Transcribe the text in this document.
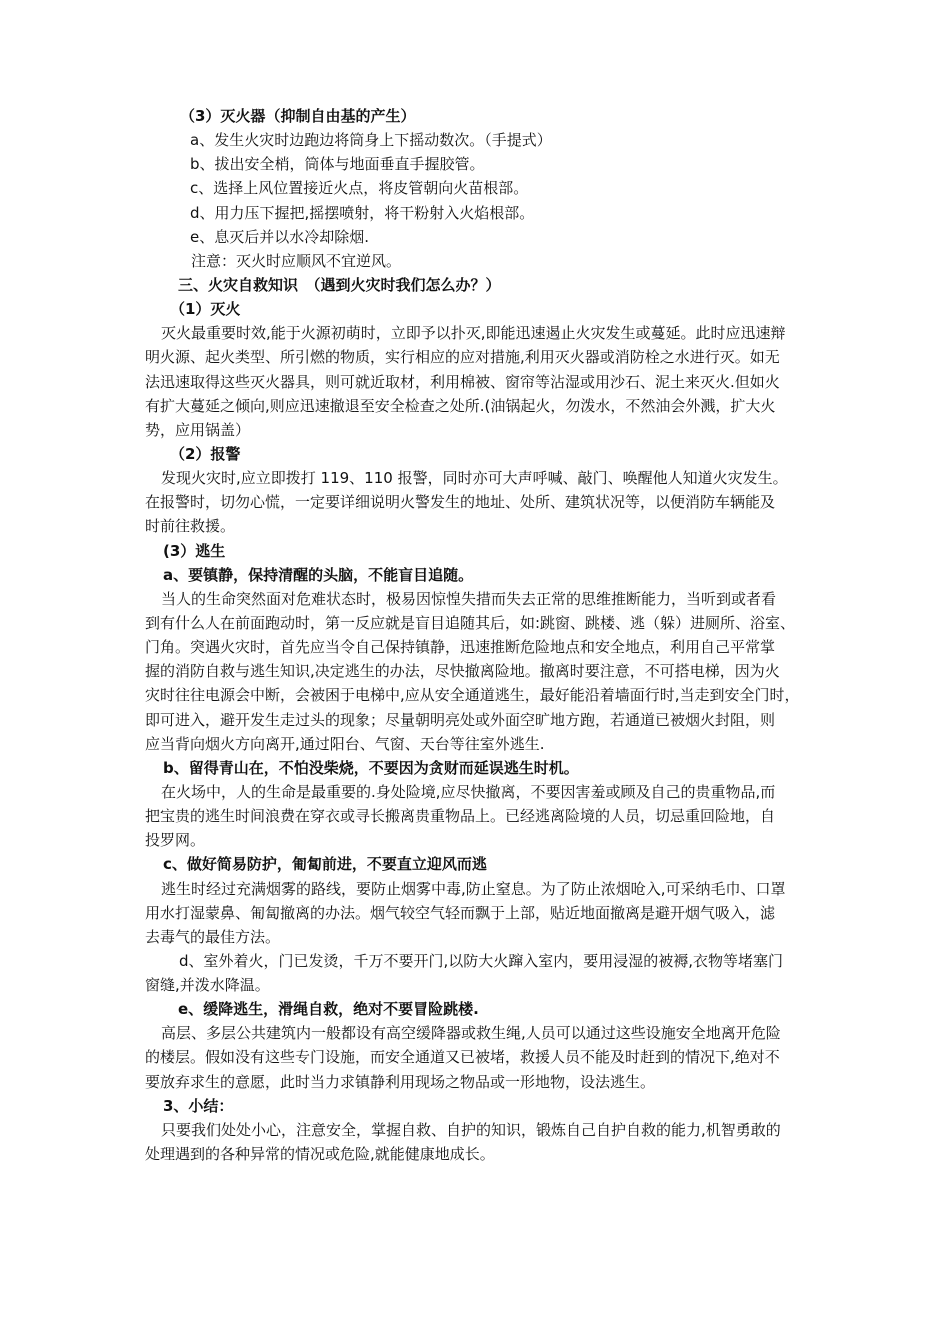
（3）灭火器（抑制自由基的产生）
a、发生火灾时边跑边将筒身上下摇动数次。（手提式）
b、拔出安全梢，筒体与地面垂直手握胶管。
c、选择上风位置接近火点，将皮管朝向火苗根部。
d、用力压下握把,摇摆喷射，将干粉射入火焰根部。
e、息灭后并以水冷却除烟.
注意：灭火时应顺风不宜逆风。
三、火灾自救知识　（遇到火灾时我们怎么办？）
（1）灭火
灭火最重要时效,能于火源初萌时，立即予以扑灭,即能迅速遏止火灾发生或蔓延。此时应迅速辩
明火源、起火类型、所引燃的物质，实行相应的应对措施,利用灭火器或消防栓之水进行灭。如无
法迅速取得这些灭火器具，则可就近取材，利用棉被、窗帘等沾湿或用沙石、泥土来灭火.但如火
有扩大蔓延之倾向,则应迅速撤退至安全检查之处所.(油锅起火，勿泼水，不然油会外溅，扩大火
势，应用锅盖）
（2）报警
发现火灾时,应立即拨打 119、110 报警，同时亦可大声呼喊、敲门、唤醒他人知道火灾发生。
在报警时，切勿心慌，一定要详细说明火警发生的地址、处所、建筑状况等，以便消防车辆能及
时前往救援。
(3）逃生
a、要镇静，保持清醒的头脑，不能盲目追随。
当人的生命突然面对危难状态时，极易因惊惶失措而失去正常的思维推断能力，当听到或者看
到有什么人在前面跑动时，第一反应就是盲目追随其后，如:跳窗、跳楼、逃（躲）进厕所、浴室、
门角。突遇火灾时，首先应当令自己保持镇静，迅速推断危险地点和安全地点，利用自己平常掌
握的消防自救与逃生知识,决定逃生的办法，尽快撤离险地。撤离时要注意，不可搭电梯，因为火
灾时往往电源会中断，会被困于电梯中,应从安全通道逃生，最好能沿着墙面行时,当走到安全门时，
即可进入，避开发生走过头的现象；尽量朝明亮处或外面空旷地方跑，若通道已被烟火封阻，则
应当背向烟火方向离开,通过阳台、气窗、天台等往室外逃生.
b、留得青山在，不怕没柴烧，不要因为贪财而延误逃生时机。
在火场中，人的生命是最重要的.身处险境,应尽快撤离，不要因害羞或顾及自己的贵重物品,而
把宝贵的逃生时间浪费在穿衣或寻长搬离贵重物品上。已经逃离险境的人员，切忌重回险地，自
投罗网。
c、做好简易防护，匍匐前进，不要直立迎风而逃
逃生时经过充满烟雾的路线，要防止烟雾中毒,防止窒息。为了防止浓烟呛入,可采纳毛巾、口罩
用水打湿蒙鼻、匍匐撤离的办法。烟气较空气轻而飘于上部，贴近地面撤离是避开烟气吸入，滤
去毒气的最佳方法。
d、室外着火，门已发烫，千万不要开门,以防大火蹿入室内，要用浸湿的被褥,衣物等堵塞门
窗缝,并泼水降温。
e、缓降逃生，滑绳自救，绝对不要冒险跳楼.
高层、多层公共建筑内一般都设有高空缓降器或救生绳,人员可以通过这些设施安全地离开危险
的楼层。假如没有这些专门设施，而安全通道又已被堵，救援人员不能及时赶到的情况下,绝对不
要放弃求生的意愿，此时当力求镇静利用现场之物品或一形地物，设法逃生。
3、小结：
只要我们处处小心，注意安全，掌握自救、自护的知识，锻炼自己自护自救的能力,机智勇敢的
处理遇到的各种异常的情况或危险,就能健康地成长。
